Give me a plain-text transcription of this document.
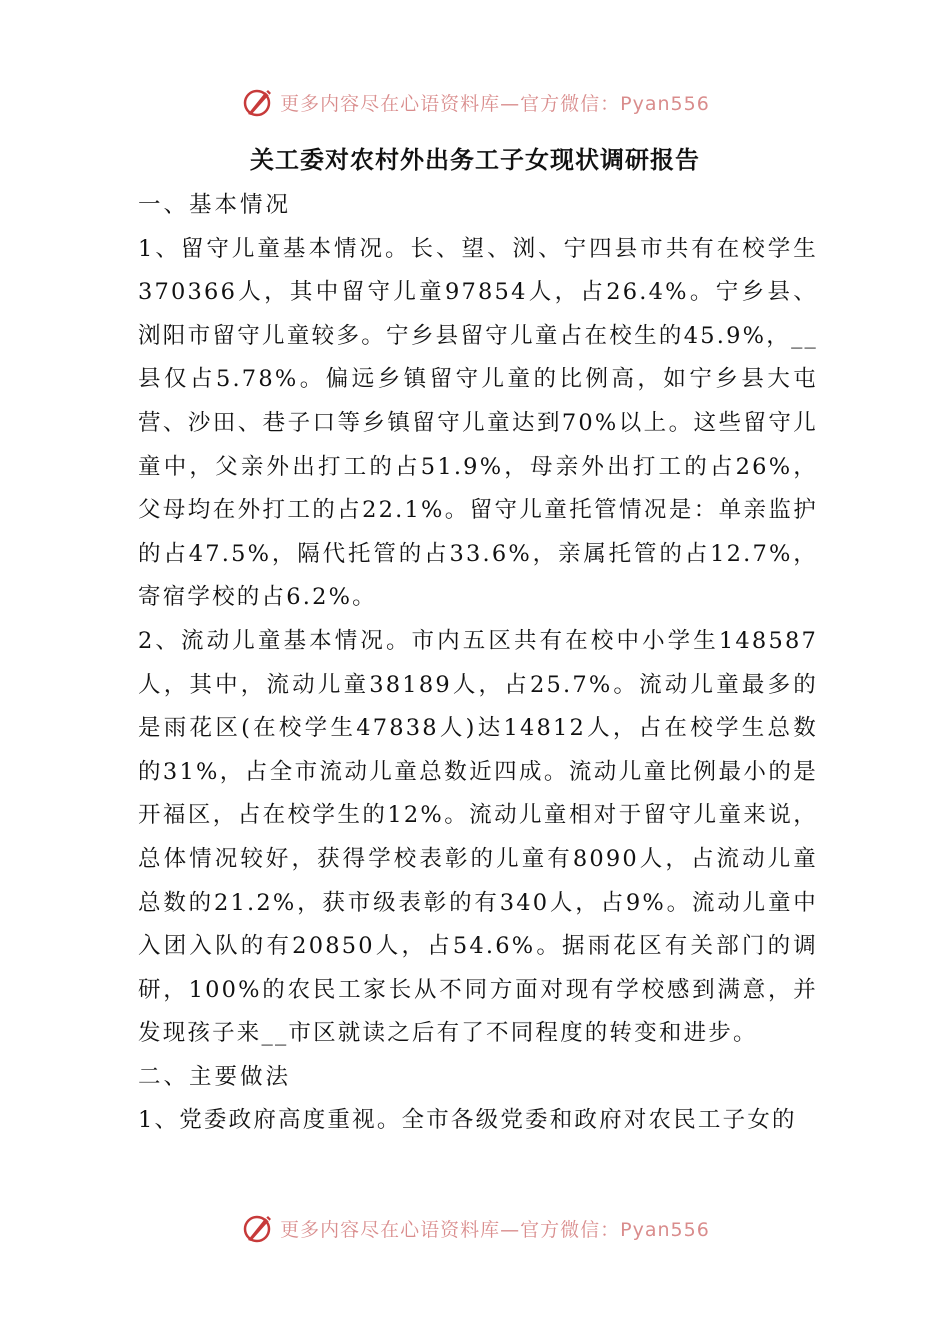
更多内容尽在心语资料库—官方微信：Pyan556
关工委对农村外出务工子女现状调研报告

一、基本情况

1、留守儿童基本情况。长、望、浏、宁四县市共有在校学生370366人，其中留守儿童97854人，占26.4%。宁乡县、浏阳市留守儿童较多。宁乡县留守儿童占在校生的45.9%，__县仅占5.78%。偏远乡镇留守儿童的比例高，如宁乡县大屯营、沙田、巷子口等乡镇留守儿童达到70%以上。这些留守儿童中，父亲外出打工的占51.9%，母亲外出打工的占26%，父母均在外打工的占22.1%。留守儿童托管情况是：单亲监护的占47.5%，隔代托管的占33.6%，亲属托管的占12.7%，寄宿学校的占6.2%。

2、流动儿童基本情况。市内五区共有在校中小学生148587人，其中，流动儿童38189人，占25.7%。流动儿童最多的是雨花区(在校学生47838人)达14812人，占在校学生总数的31%，占全市流动儿童总数近四成。流动儿童比例最小的是开福区，占在校学生的12%。流动儿童相对于留守儿童来说，总体情况较好，获得学校表彰的儿童有8090人，占流动儿童总数的21.2%，获市级表彰的有340人，占9%。流动儿童中入团入队的有20850人，占54.6%。据雨花区有关部门的调研，100%的农民工家长从不同方面对现有学校感到满意，并发现孩子来__市区就读之后有了不同程度的转变和进步。

二、主要做法

1、党委政府高度重视。全市各级党委和政府对农民工子女的

更多内容尽在心语资料库—官方微信：Pyan556
